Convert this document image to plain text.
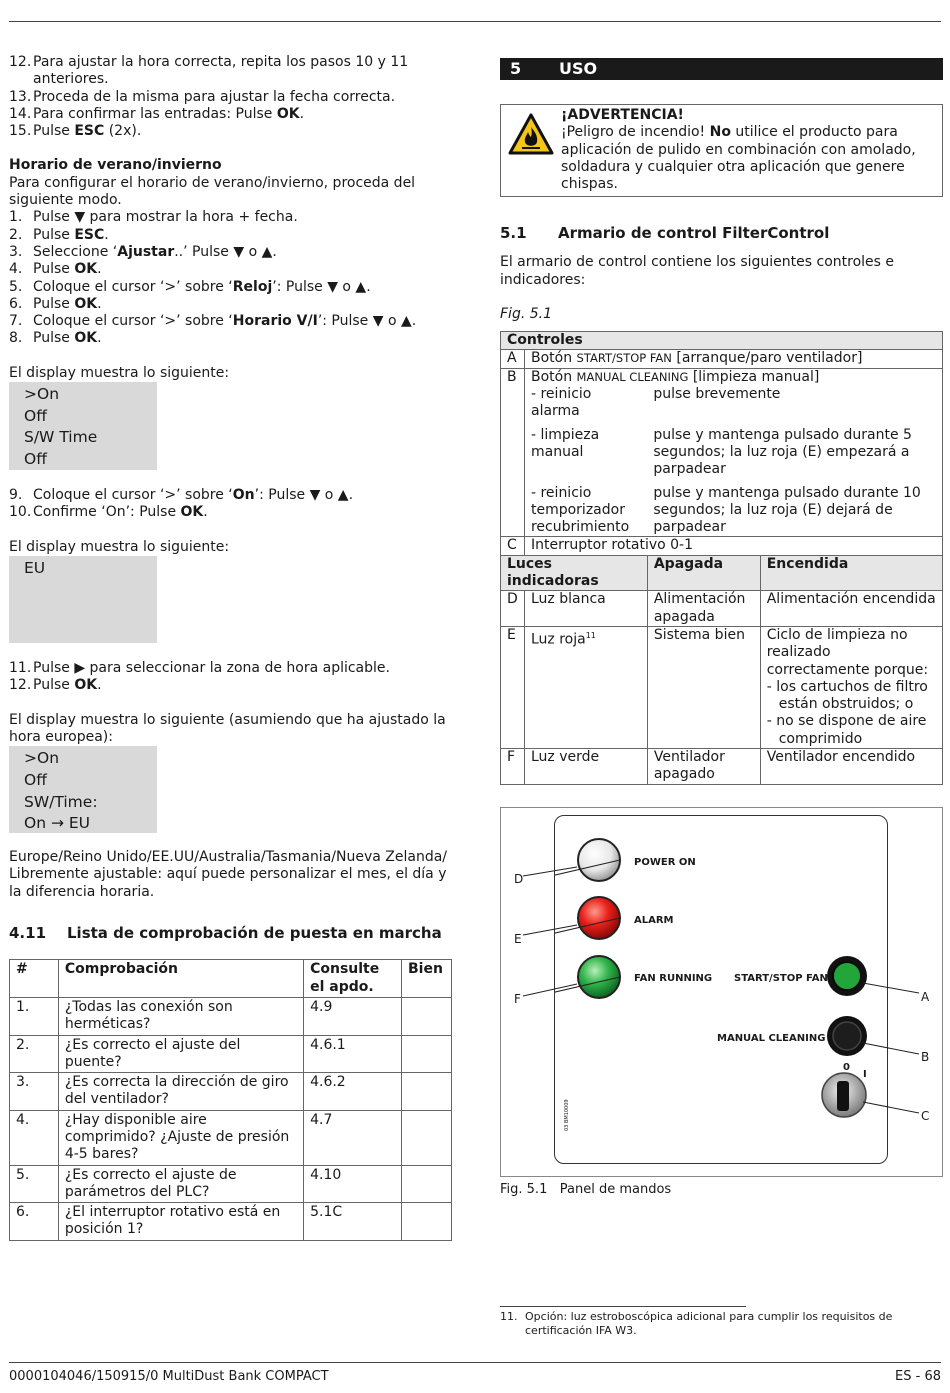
12. Para ajustar la hora correcta, repita los pasos 10 y 11 anteriores.
13. Proceda de la misma para ajustar la fecha correcta.
14. Para confirmar las entradas: Pulse OK.
15. Pulse ESC (2x).
Horario de verano/invierno
Para configurar el horario de verano/invierno, proceda del siguiente modo.
1. Pulse ▼ para mostrar la hora + fecha.
2. Pulse ESC.
3. Seleccione ‘Ajustar..’ Pulse ▼ o ▲.
4. Pulse OK.
5. Coloque el cursor ‘>’ sobre ‘Reloj’: Pulse ▼ o ▲.
6. Pulse OK.
7. Coloque el cursor ‘>’ sobre ‘Horario V/I’: Pulse ▼ o ▲.
8. Pulse OK.
El display muestra lo siguiente:
>On
Off
S/W Time
Off
9. Coloque el cursor ‘>’ sobre ‘On’: Pulse ▼ o ▲.
10. Confirme ‘On’: Pulse OK.
El display muestra lo siguiente:
EU
11. Pulse ▶ para seleccionar la zona de hora aplicable.
12. Pulse OK.
El display muestra lo siguiente (asumiendo que ha ajustado la hora europea):
>On
Off
SW/Time:
On → EU
Europe/Reino Unido/EE.UU/Australia/Tasmania/Nueva Zelanda/ Libremente ajustable: aquí puede personalizar el mes, el día y la diferencia horaria.
4.11	Lista de comprobación de puesta en marcha
#	Comprobación	Consulte el apdo.	Bien
1.	¿Todas las conexión son herméticas?	4.9	
2.	¿Es correcto el ajuste del puente?	4.6.1	
3.	¿Es correcta la dirección de giro del ventilador?	4.6.2	
4.	¿Hay disponible aire comprimido? ¿Ajuste de presión 4-5 bares?	4.7	
5.	¿Es correcto el ajuste de parámetros del PLC?	4.10	
6.	¿El interruptor rotativo está en posición 1?	5.1C	
5	USO
¡ADVERTENCIA!
¡Peligro de incendio! No utilice el producto para aplicación de pulido en combinación con amolado, soldadura y cualquier otra aplicación que genere chispas.
5.1	Armario de control FilterControl
El armario de control contiene los siguientes controles e indicadores:
Fig. 5.1
Controles			
A	Botón START/STOP FAN [arranque/paro ventilador]		
B	Botón MANUAL CLEANING [limpieza manual]		
	- reinicio alarma	pulse brevemente	
	- limpieza manual	pulse y mantenga pulsado durante 5 segundos; la luz roja (E) empezará a parpadear	
	- reinicio temporizador recubrimiento	pulse y mantenga pulsado durante 10 segundos; la luz roja (E) dejará de parpadear	
C	Interruptor rotativo 0-1		
Luces indicadoras		Apagada	Encendida
D	Luz blanca	Alimentación apagada	Alimentación encendida
E	Luz roja$^{11}$	Sistema bien	Ciclo de limpieza no realizado correctamente porque:
- los cartuchos de filtro están obstruidos; o
- no se dispone de aire comprimido

F	Luz verde	Ventilador apagado	Ventilador encendido
POWER ON
ALARM
FAN RUNNING START/STOP FAN
MANUAL CLEANING
0
I
03 BM10009
D
E
F	A
B
C
Fig. 5.1 Panel de mandos
11. Opción: luz estroboscópica adicional para cumplir los requisitos de certificación IFA W3.
0000104046/150915/0 MultiDust Bank COMPACT	ES - 68
